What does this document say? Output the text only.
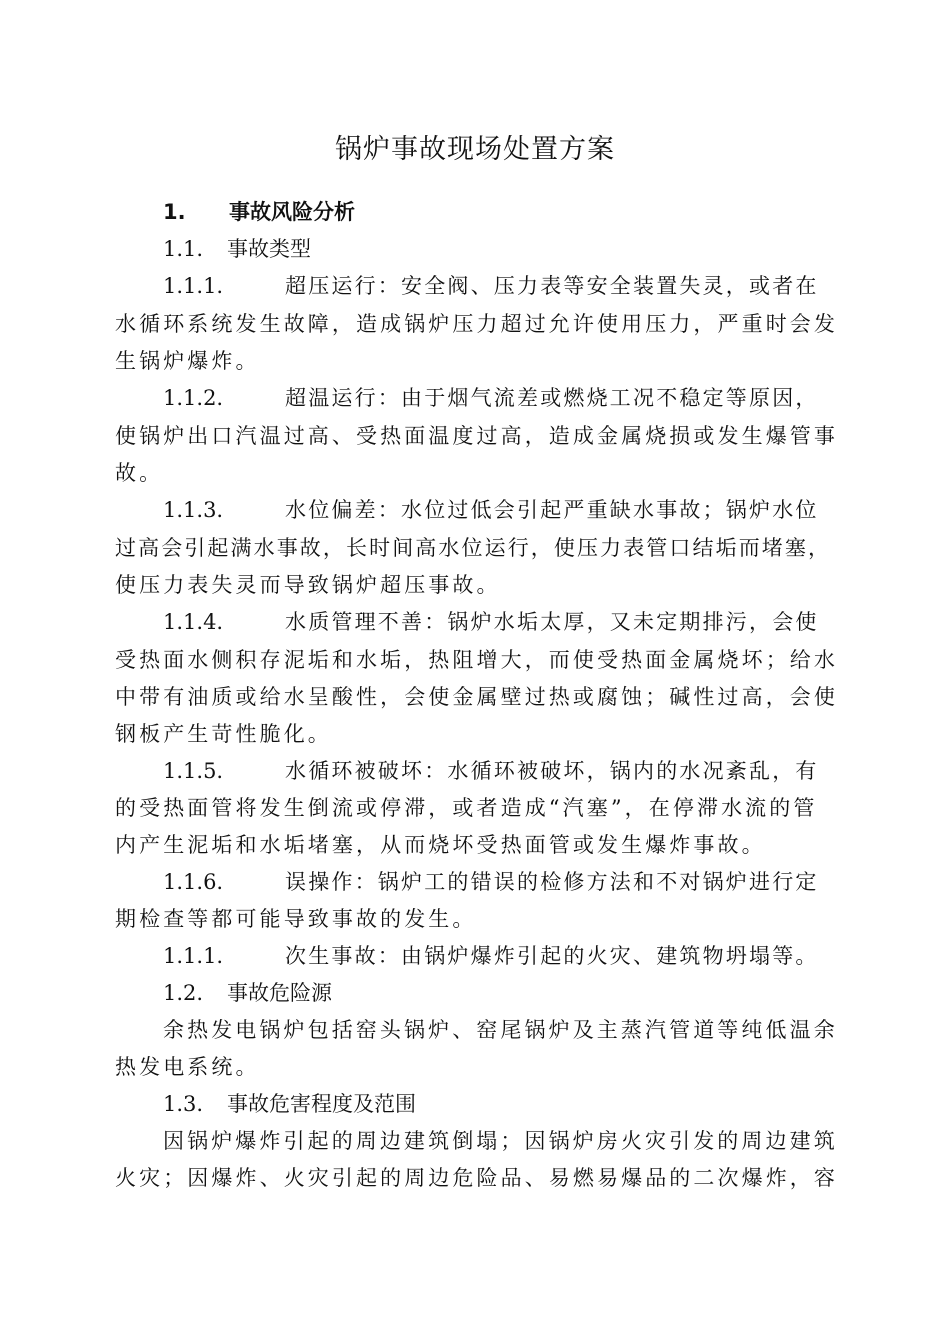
锅炉事故现场处置方案
1. 事故风险分析
1.1. 事故类型
1.1.1.	超压运行：安全阀、压力表等安全装置失灵，或者在
水循环系统发生故障，造成锅炉压力超过允许使用压力，严重时会发
生锅炉爆炸。
1.1.2.	超温运行：由于烟气流差或燃烧工况不稳定等原因，
使锅炉出口汽温过高、受热面温度过高，造成金属烧损或发生爆管事
故。
1.1.3.	水位偏差：水位过低会引起严重缺水事故；锅炉水位
过高会引起满水事故，长时间高水位运行，使压力表管口结垢而堵塞，
使压力表失灵而导致锅炉超压事故。
1.1.4.	水质管理不善：锅炉水垢太厚，又未定期排污，会使
受热面水侧积存泥垢和水垢，热阻增大，而使受热面金属烧坏；给水
中带有油质或给水呈酸性，会使金属壁过热或腐蚀；碱性过高，会使
钢板产生苛性脆化。
1.1.5.	水循环被破坏：水循环被破坏，锅内的水况紊乱，有
的受热面管将发生倒流或停滞，或者造成“汽塞”，在停滞水流的管
内产生泥垢和水垢堵塞，从而烧坏受热面管或发生爆炸事故。
1.1.6.	误操作：锅炉工的错误的检修方法和不对锅炉进行定
期检查等都可能导致事故的发生。
1.1.1.	次生事故：由锅炉爆炸引起的火灾、建筑物坍塌等。
1.2. 事故危险源
余热发电锅炉包括窑头锅炉、窑尾锅炉及主蒸汽管道等纯低温余
热发电系统。
1.3. 事故危害程度及范围
因锅炉爆炸引起的周边建筑倒塌；因锅炉房火灾引发的周边建筑
火灾；因爆炸、火灾引起的周边危险品、易燃易爆品的二次爆炸，容
